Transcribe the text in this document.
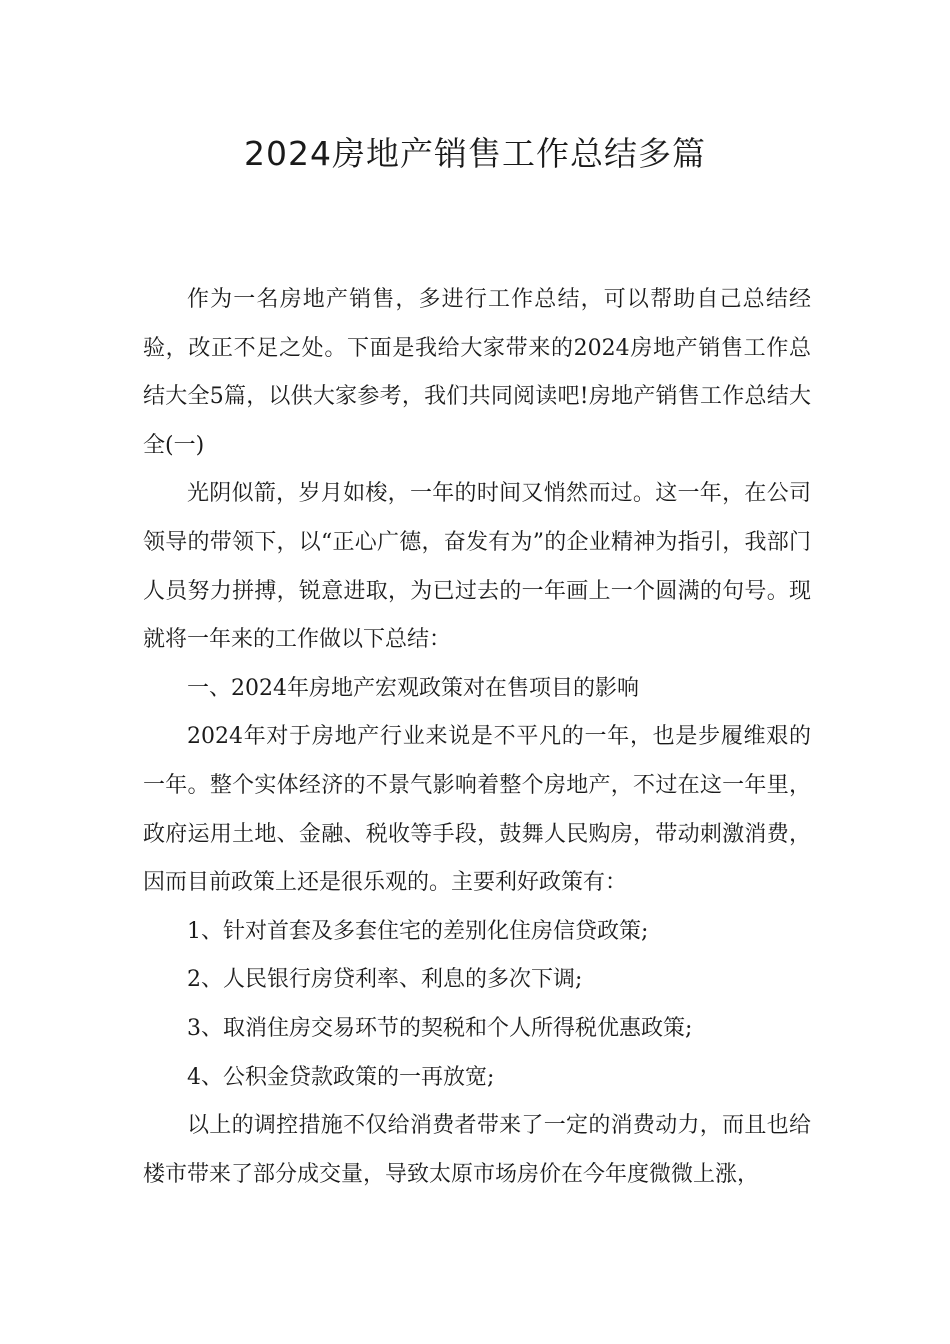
2024房地产销售工作总结多篇

作为一名房地产销售，多进行工作总结，可以帮助自己总结经验，改正不足之处。下面是我给大家带来的2024房地产销售工作总结大全5篇，以供大家参考，我们共同阅读吧!房地产销售工作总结大全(一)

光阴似箭，岁月如梭，一年的时间又悄然而过。这一年，在公司领导的带领下，以“正心广德，奋发有为”的企业精神为指引，我部门人员努力拼搏，锐意进取，为已过去的一年画上一个圆满的句号。现就将一年来的工作做以下总结：

一、2024年房地产宏观政策对在售项目的影响

2024年对于房地产行业来说是不平凡的一年，也是步履维艰的一年。整个实体经济的不景气影响着整个房地产，不过在这一年里，政府运用土地、金融、税收等手段，鼓舞人民购房，带动刺激消费，因而目前政策上还是很乐观的。主要利好政策有：

1、针对首套及多套住宅的差别化住房信贷政策;

2、人民银行房贷利率、利息的多次下调;

3、取消住房交易环节的契税和个人所得税优惠政策;

4、公积金贷款政策的一再放宽;

以上的调控措施不仅给消费者带来了一定的消费动力，而且也给楼市带来了部分成交量，导致太原市场房价在今年度微微上涨，
